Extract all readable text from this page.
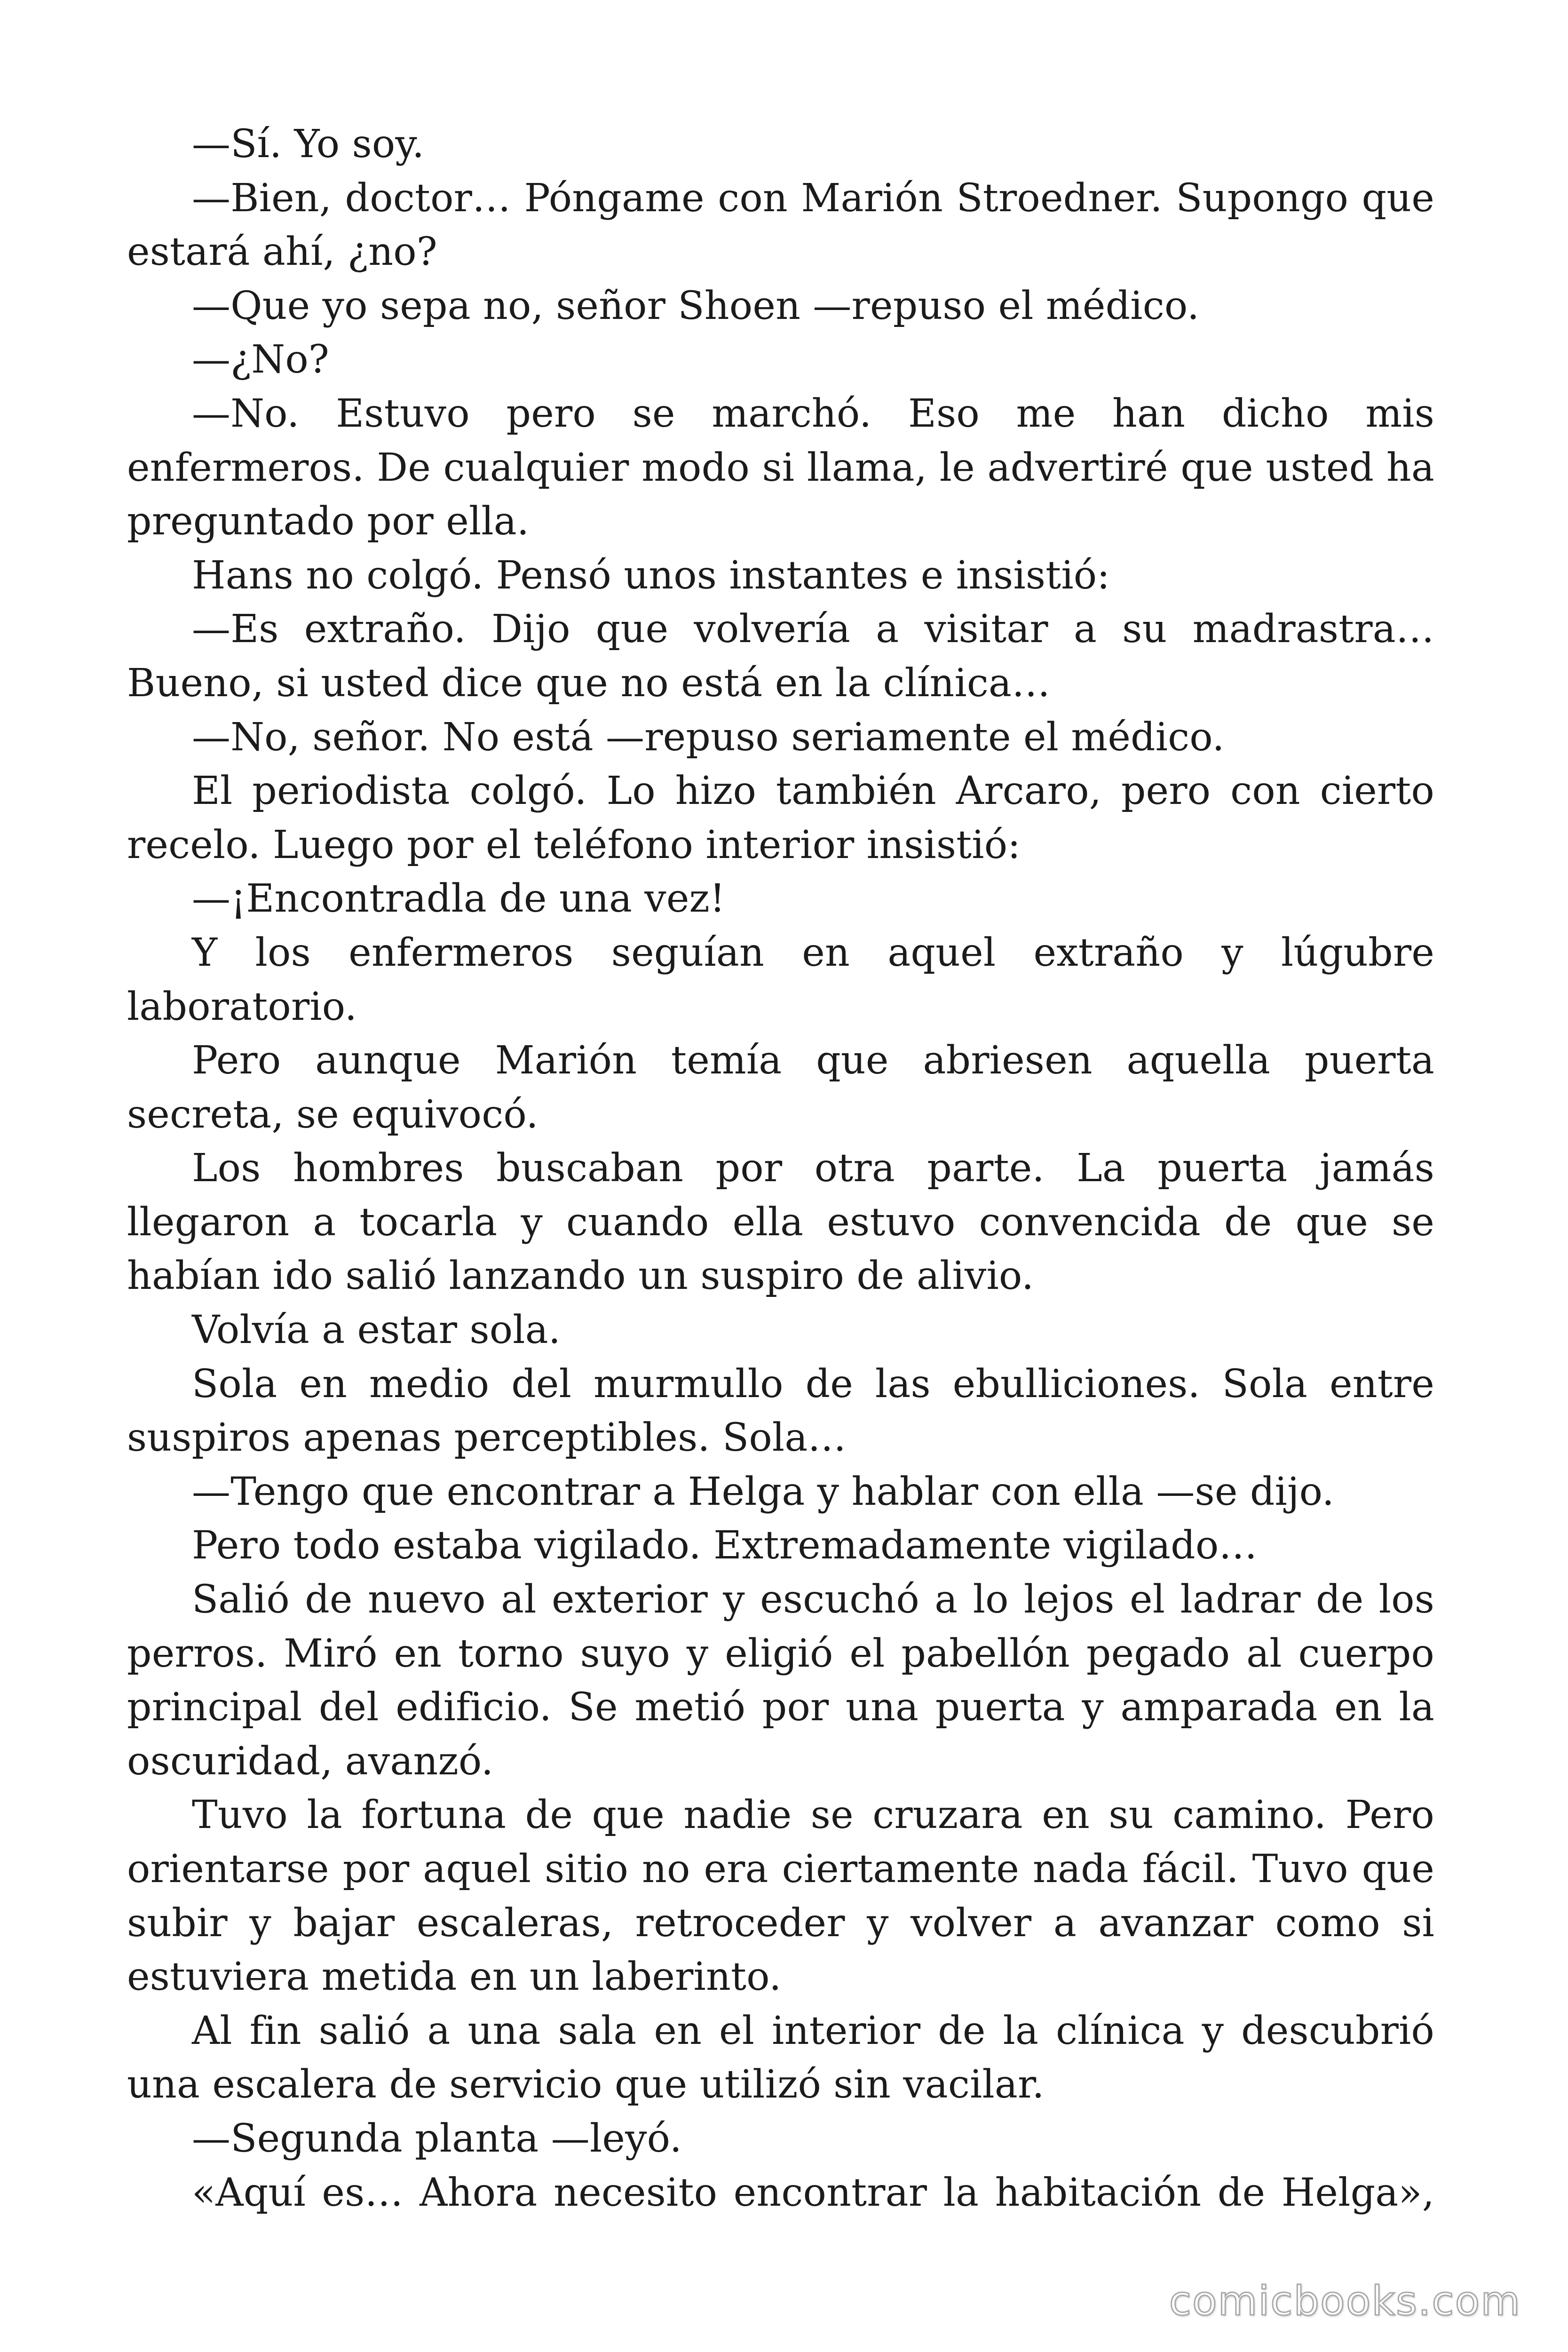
—Sí. Yo soy.

—Bien, doctor… Póngame con Marión Stroedner. Supongo que estará ahí, ¿no?

—Que yo sepa no, señor Shoen —repuso el médico.

—¿No?

—No. Estuvo pero se marchó. Eso me han dicho mis enfermeros. De cualquier modo si llama, le advertiré que usted ha preguntado por ella.

Hans no colgó. Pensó unos instantes e insistió:

—Es extraño. Dijo que volvería a visitar a su madrastra… Bueno, si usted dice que no está en la clínica…

—No, señor. No está —repuso seriamente el médico.

El periodista colgó. Lo hizo también Arcaro, pero con cierto recelo. Luego por el teléfono interior insistió:

—¡Encontradla de una vez!

Y los enfermeros seguían en aquel extraño y lúgubre laboratorio.

Pero aunque Marión temía que abriesen aquella puerta secreta, se equivocó.

Los hombres buscaban por otra parte. La puerta jamás llegaron a tocarla y cuando ella estuvo convencida de que se habían ido salió lanzando un suspiro de alivio.

Volvía a estar sola.

Sola en medio del murmullo de las ebulliciones. Sola entre suspiros apenas perceptibles. Sola…

—Tengo que encontrar a Helga y hablar con ella —se dijo.

Pero todo estaba vigilado. Extremadamente vigilado…

Salió de nuevo al exterior y escuchó a lo lejos el ladrar de los perros. Miró en torno suyo y eligió el pabellón pegado al cuerpo principal del edificio. Se metió por una puerta y amparada en la oscuridad, avanzó.

Tuvo la fortuna de que nadie se cruzara en su camino. Pero orientarse por aquel sitio no era ciertamente nada fácil. Tuvo que subir y bajar escaleras, retroceder y volver a avanzar como si estuviera metida en un laberinto.

Al fin salió a una sala en el interior de la clínica y descubrió una escalera de servicio que utilizó sin vacilar.

—Segunda planta —leyó.

«Aquí es… Ahora necesito encontrar la habitación de Helga»,

comicbooks.com
